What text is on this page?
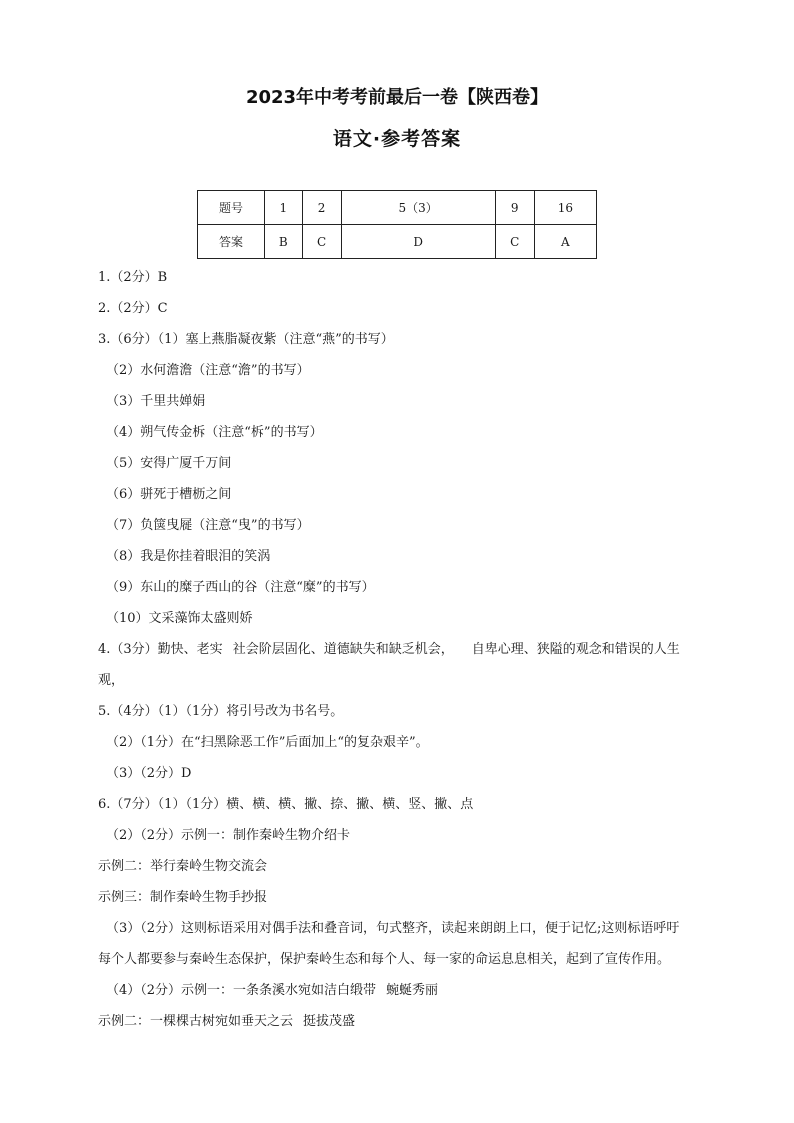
2023年中考考前最后一卷【陕西卷】
语文·参考答案
题号	1	2	5（3）	9	16
答案	B	C	D	C	A
1.（2分）B
2.（2分）C
3.（6分）（1）塞上燕脂凝夜紫（注意“燕”的书写）
（2）水何澹澹（注意“澹”的书写）
（3）千里共婵娟
（4）朔气传金柝（注意“柝”的书写）
（5）安得广厦千万间
（6）骈死于槽枥之间
（7）负箧曳屣（注意“曳”的书写）
（8）我是你挂着眼泪的笑涡
（9）东山的糜子西山的谷（注意“糜”的书写）
（10）文采藻饰太盛则娇
4.（3分）勤快、老实 社会阶层固化、道德缺失和缺乏机会， 自卑心理、狭隘的观念和错误的人生
观，
5.（4分）（1）（1分）将引号改为书名号。
（2）（1分）在“扫黑除恶工作”后面加上“的复杂艰辛”。
（3）（2分）D
6.（7分）（1）（1分）横、横、横、撇、捺、撇、横、竖、撇、点
（2）（2分）示例一：制作秦岭生物介绍卡
示例二：举行秦岭生物交流会
示例三：制作秦岭生物手抄报
（3）（2分）这则标语采用对偶手法和叠音词，句式整齐，读起来朗朗上口，便于记忆;这则标语呼吁
每个人都要参与秦岭生态保护，保护秦岭生态和每个人、每一家的命运息息相关，起到了宣传作用。
（4）（2分）示例一：一条条溪水宛如洁白缎带 蜿蜒秀丽
示例二：一棵棵古树宛如垂天之云 挺拔茂盛
